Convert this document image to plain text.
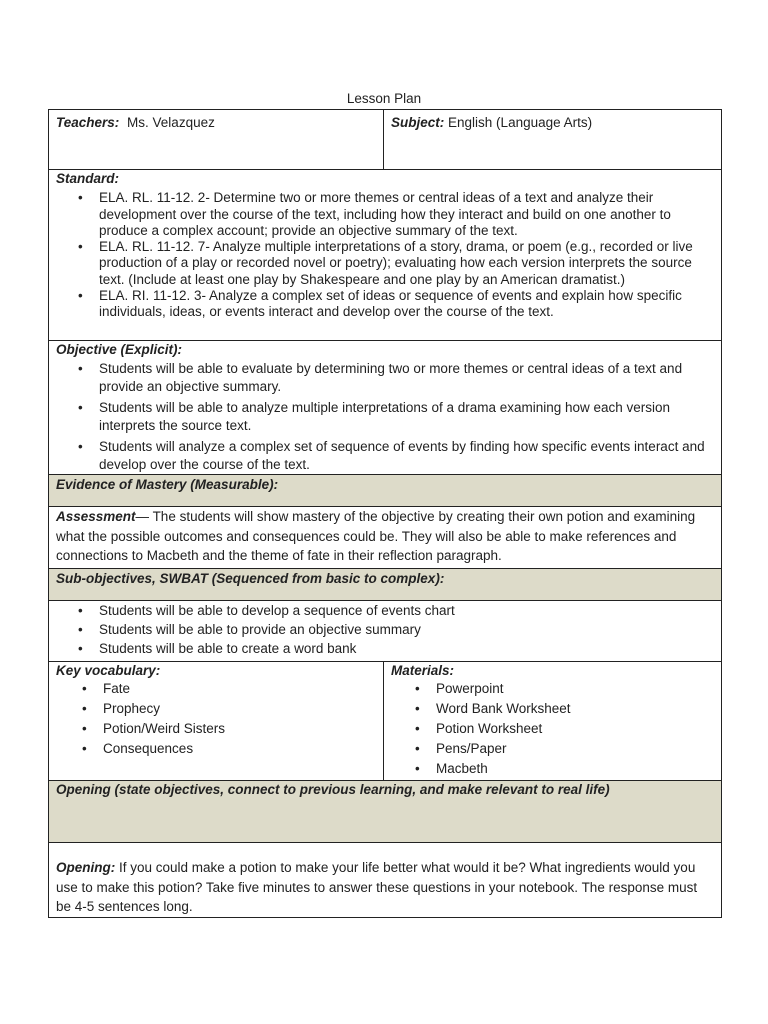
Lesson Plan
Teachers: Ms. Velazquez	Subject: English (Language Arts)
Standard:
• ELA. RL. 11-12. 2- Determine two or more themes or central ideas of a text and analyze their development over the course of the text, including how they interact and build on one another to produce a complex account; provide an objective summary of the text.
• ELA. RL. 11-12. 7- Analyze multiple interpretations of a story, drama, or poem (e.g., recorded or live production of a play or recorded novel or poetry); evaluating how each version interprets the source text. (Include at least one play by Shakespeare and one play by an American dramatist.)
• ELA. RI. 11-12. 3- Analyze a complex set of ideas or sequence of events and explain how specific individuals, ideas, or events interact and develop over the course of the text.
Objective (Explicit):
• Students will be able to evaluate by determining two or more themes or central ideas of a text and provide an objective summary.
• Students will be able to analyze multiple interpretations of a drama examining how each version interprets the source text.
• Students will analyze a complex set of sequence of events by finding how specific events interact and develop over the course of the text.
Evidence of Mastery (Measurable):

Assessment— The students will show mastery of the objective by creating their own potion and examining what the possible outcomes and consequences could be. They will also be able to make references and connections to Macbeth and the theme of fate in their reflection paragraph.

Sub-objectives, SWBAT (Sequenced from basic to complex):
• Students will be able to develop a sequence of events chart
• Students will be able to provide an objective summary
• Students will be able to create a word bank
Key vocabulary:
• Fate
• Prophecy
• Potion/Weird Sisters
• Consequences
Materials:
• Powerpoint
• Word Bank Worksheet
• Potion Worksheet
• Pens/Paper
• Macbeth
Opening (state objectives, connect to previous learning, and make relevant to real life)

Opening: If you could make a potion to make your life better what would it be? What ingredients would you use to make this potion? Take five minutes to answer these questions in your notebook. The response must be 4-5 sentences long.
